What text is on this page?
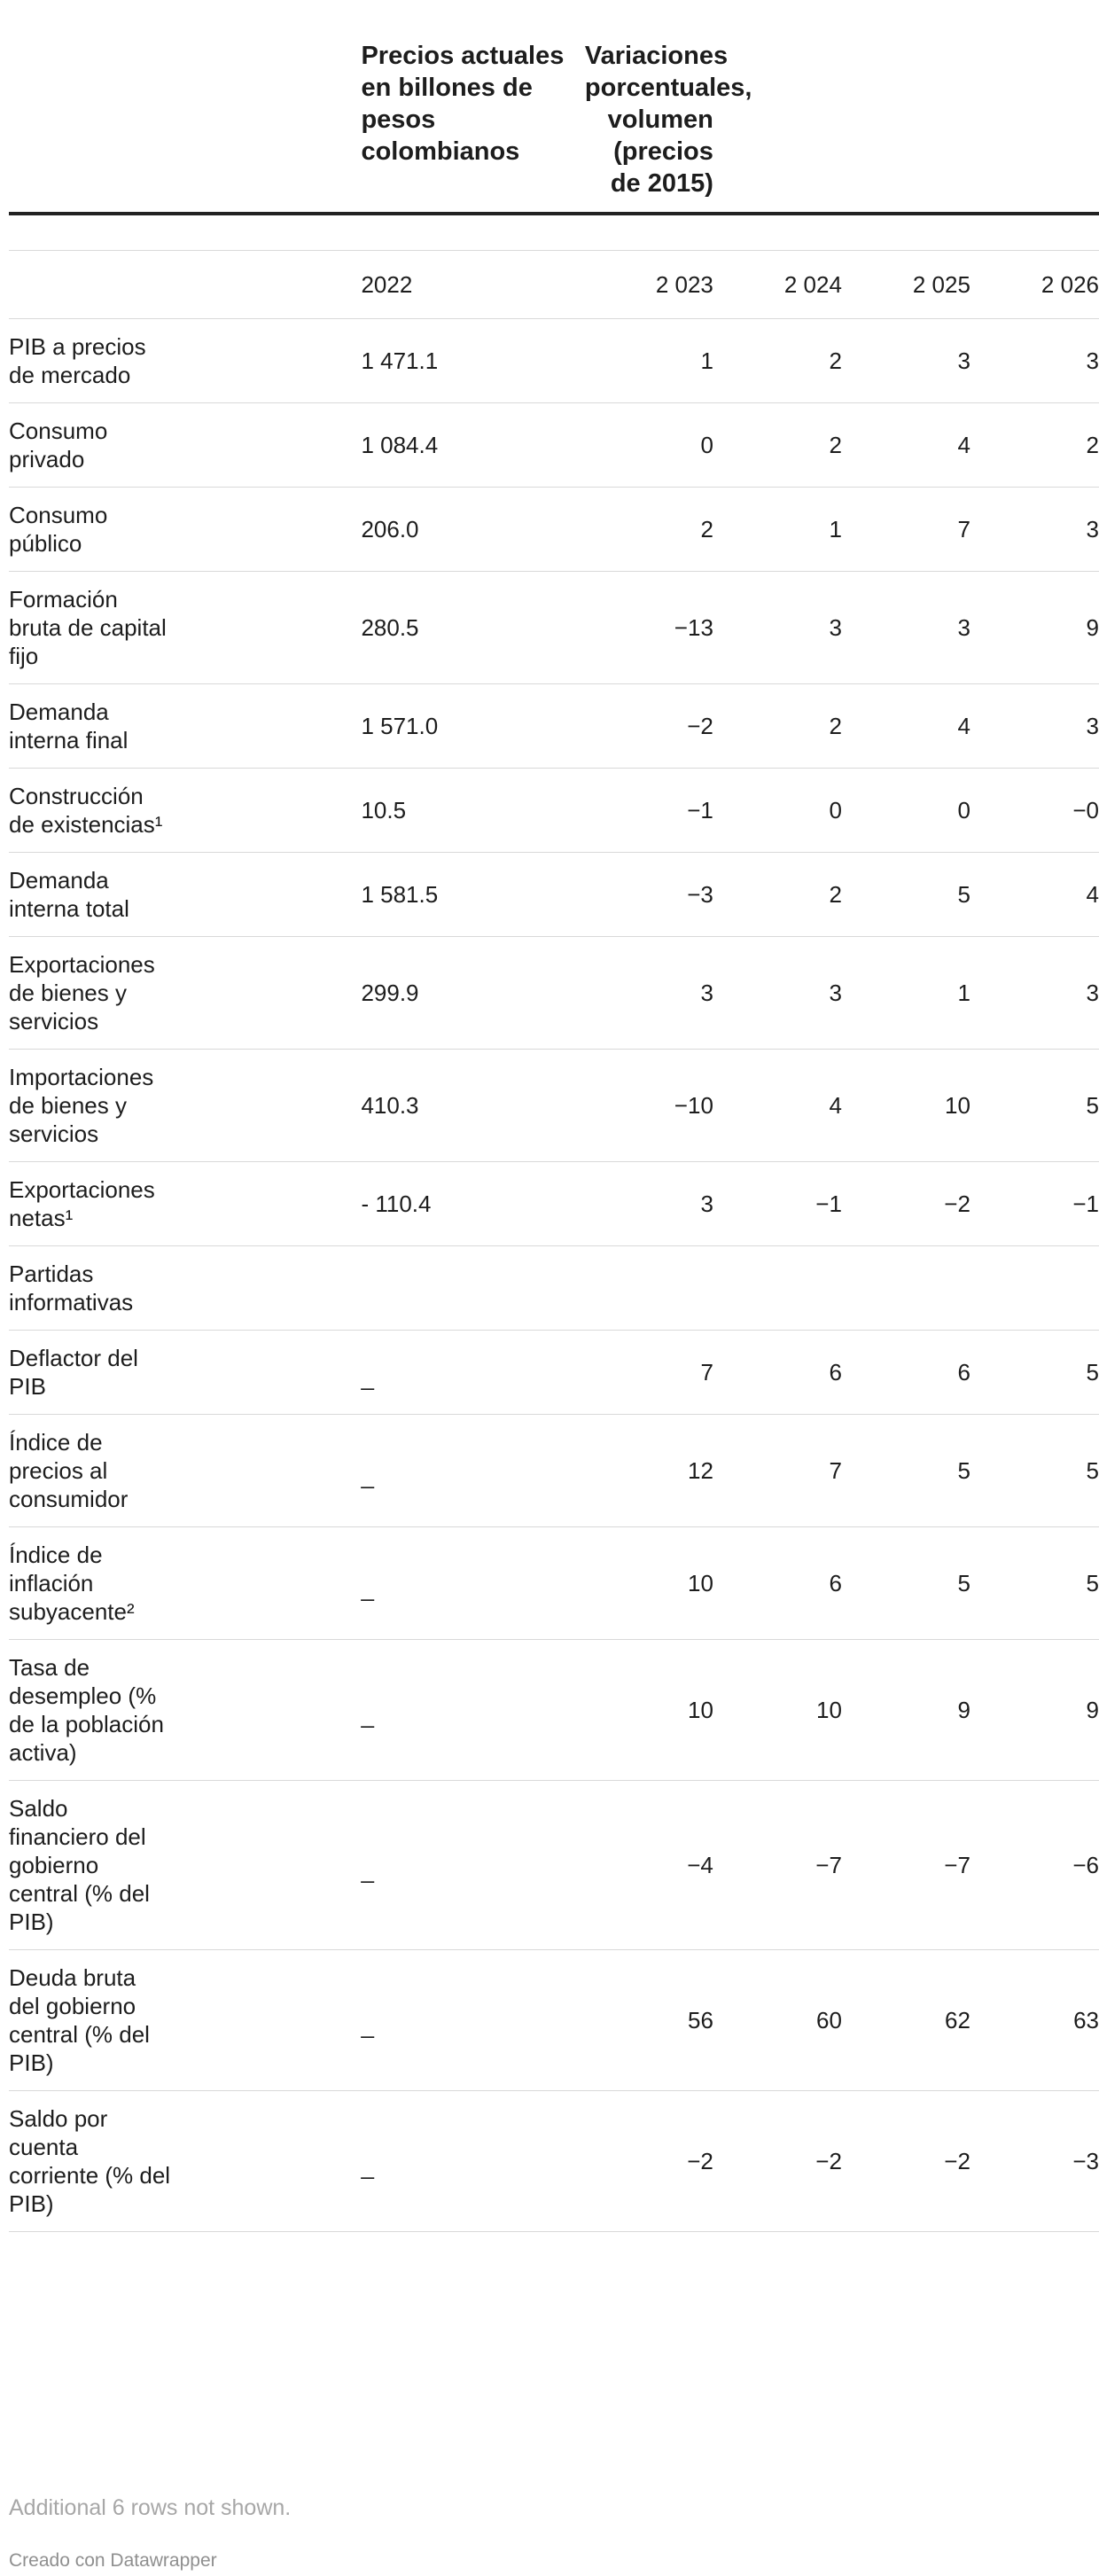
	Precios actuales en billones de pesos colombianos	Variaciones porcentuales, volumen (precios de 2015)			

	2022	2 023	2 024	2 025	2 026

PIB a precios de mercado	1 471.1	1	2	3	3

Consumo privado	1 084.4	0	2	4	2

Consumo público	206.0	2	1	7	3

Formación bruta de capital fijo	280.5	−13	3	3	9

Demanda interna final	1 571.0	−2	2	4	3

Construcción de existencias¹	10.5	−1	0	0	−0

Demanda interna total	1 581.5	−3	2	5	4

Exportaciones de bienes y servicios	299.9	3	3	1	3

Importaciones de bienes y servicios	410.3	−10	4	10	5

Exportaciones netas¹	- 110.4	3	−1	−2	−1

Partidas informativas					

Deflactor del PIB	_	7	6	6	5

Índice de precios al consumidor	_	12	7	5	5

Índice de inflación subyacente²	_	10	6	5	5

Tasa de desempleo (% de la población activa)	_	10	10	9	9

Saldo financiero del gobierno central (% del PIB)	_	−4	−7	−7	−6

Deuda bruta del gobierno central (% del PIB)	_	56	60	62	63

Saldo por cuenta corriente (% del PIB)	_	−2	−2	−2	−3
Additional 6 rows not shown.
Creado con Datawrapper
